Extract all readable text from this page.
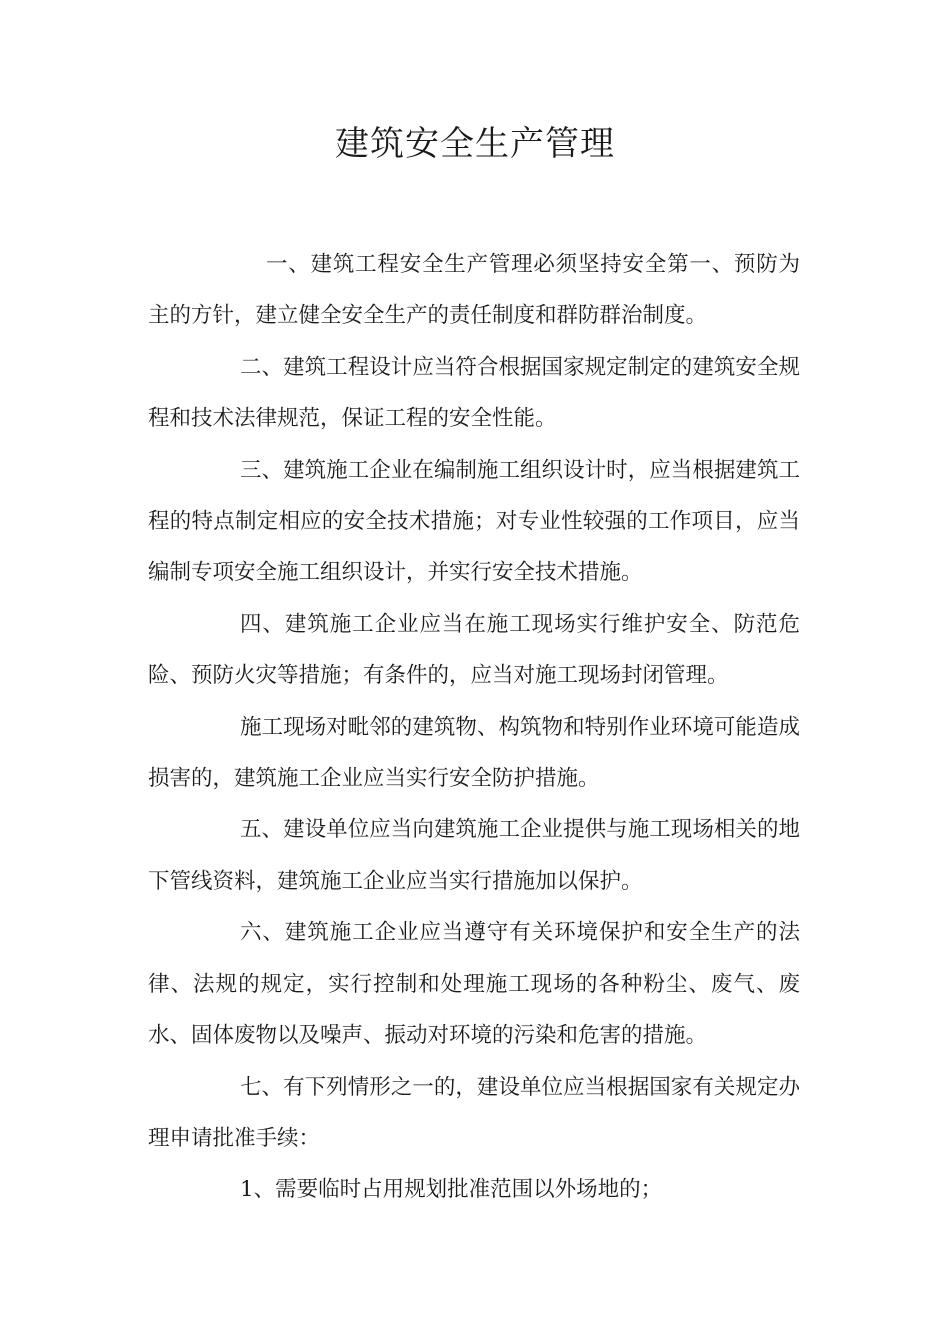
建筑安全生产管理

一、建筑工程安全生产管理必须坚持安全第一、预防为主的方针，建立健全安全生产的责任制度和群防群治制度。

二、建筑工程设计应当符合根据国家规定制定的建筑安全规程和技术法律规范，保证工程的安全性能。

三、建筑施工企业在编制施工组织设计时，应当根据建筑工程的特点制定相应的安全技术措施；对专业性较强的工作项目，应当编制专项安全施工组织设计，并实行安全技术措施。

四、建筑施工企业应当在施工现场实行维护安全、防范危险、预防火灾等措施；有条件的，应当对施工现场封闭管理。

施工现场对毗邻的建筑物、构筑物和特别作业环境可能造成损害的，建筑施工企业应当实行安全防护措施。

五、建设单位应当向建筑施工企业提供与施工现场相关的地下管线资料，建筑施工企业应当实行措施加以保护。

六、建筑施工企业应当遵守有关环境保护和安全生产的法律、法规的规定，实行控制和处理施工现场的各种粉尘、废气、废水、固体废物以及噪声、振动对环境的污染和危害的措施。

七、有下列情形之一的，建设单位应当根据国家有关规定办理申请批准手续：

1、需要临时占用规划批准范围以外场地的；
